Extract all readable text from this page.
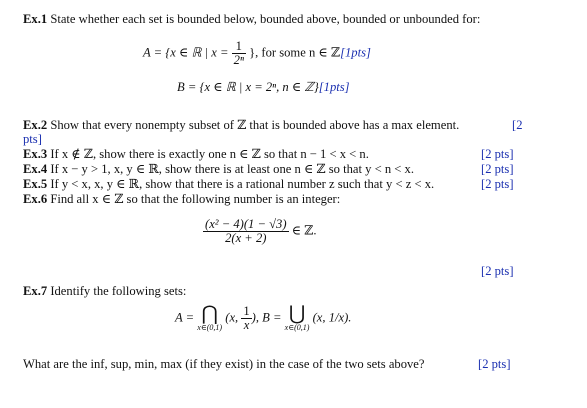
Ex.1 State whether each set is bounded below, bounded above, bounded or unbounded for:
A = {x ∈ ℝ | $x = \frac{1}{\text{2ⁿ}}$ }, for some n ∈ ℤ[1pts]
B = {x ∈ ℝ | x = 2ⁿ, n ∈ ℤ}[1pts]
Ex.2 Show that every nonempty subset of ℤ that is bounded above has a max element.	[2
pts]
Ex.3 If x ∉ ℤ, show there is exactly one n ∈ ℤ so that n − 1 < x < n.	[2 pts]
Ex.4 If x − y > 1, x, y ∈ ℝ, show there is at least one n ∈ ℤ so that y < n < x.	[2 pts]
Ex.5 If y < x, x, y ∈ ℝ, show that there is a rational number z such that y < z < x.	[2 pts]
Ex.6 Find all x ∈ ℤ so that the following number is an integer:
$\frac{\text{(x² − 4)(1 − √3)}}{2(x + 2)}$ ∈ ℤ.
[2 pts]
Ex.7 Identify the following sets:
A = ⋂
x∈(0,1)
(x, $\frac{1}{x}$ ), B = ⋃
x∈(0,1)
(x, 1/x).
What are the inf, sup, min, max (if they exist) in the case of the two sets above?	[2 pts]
